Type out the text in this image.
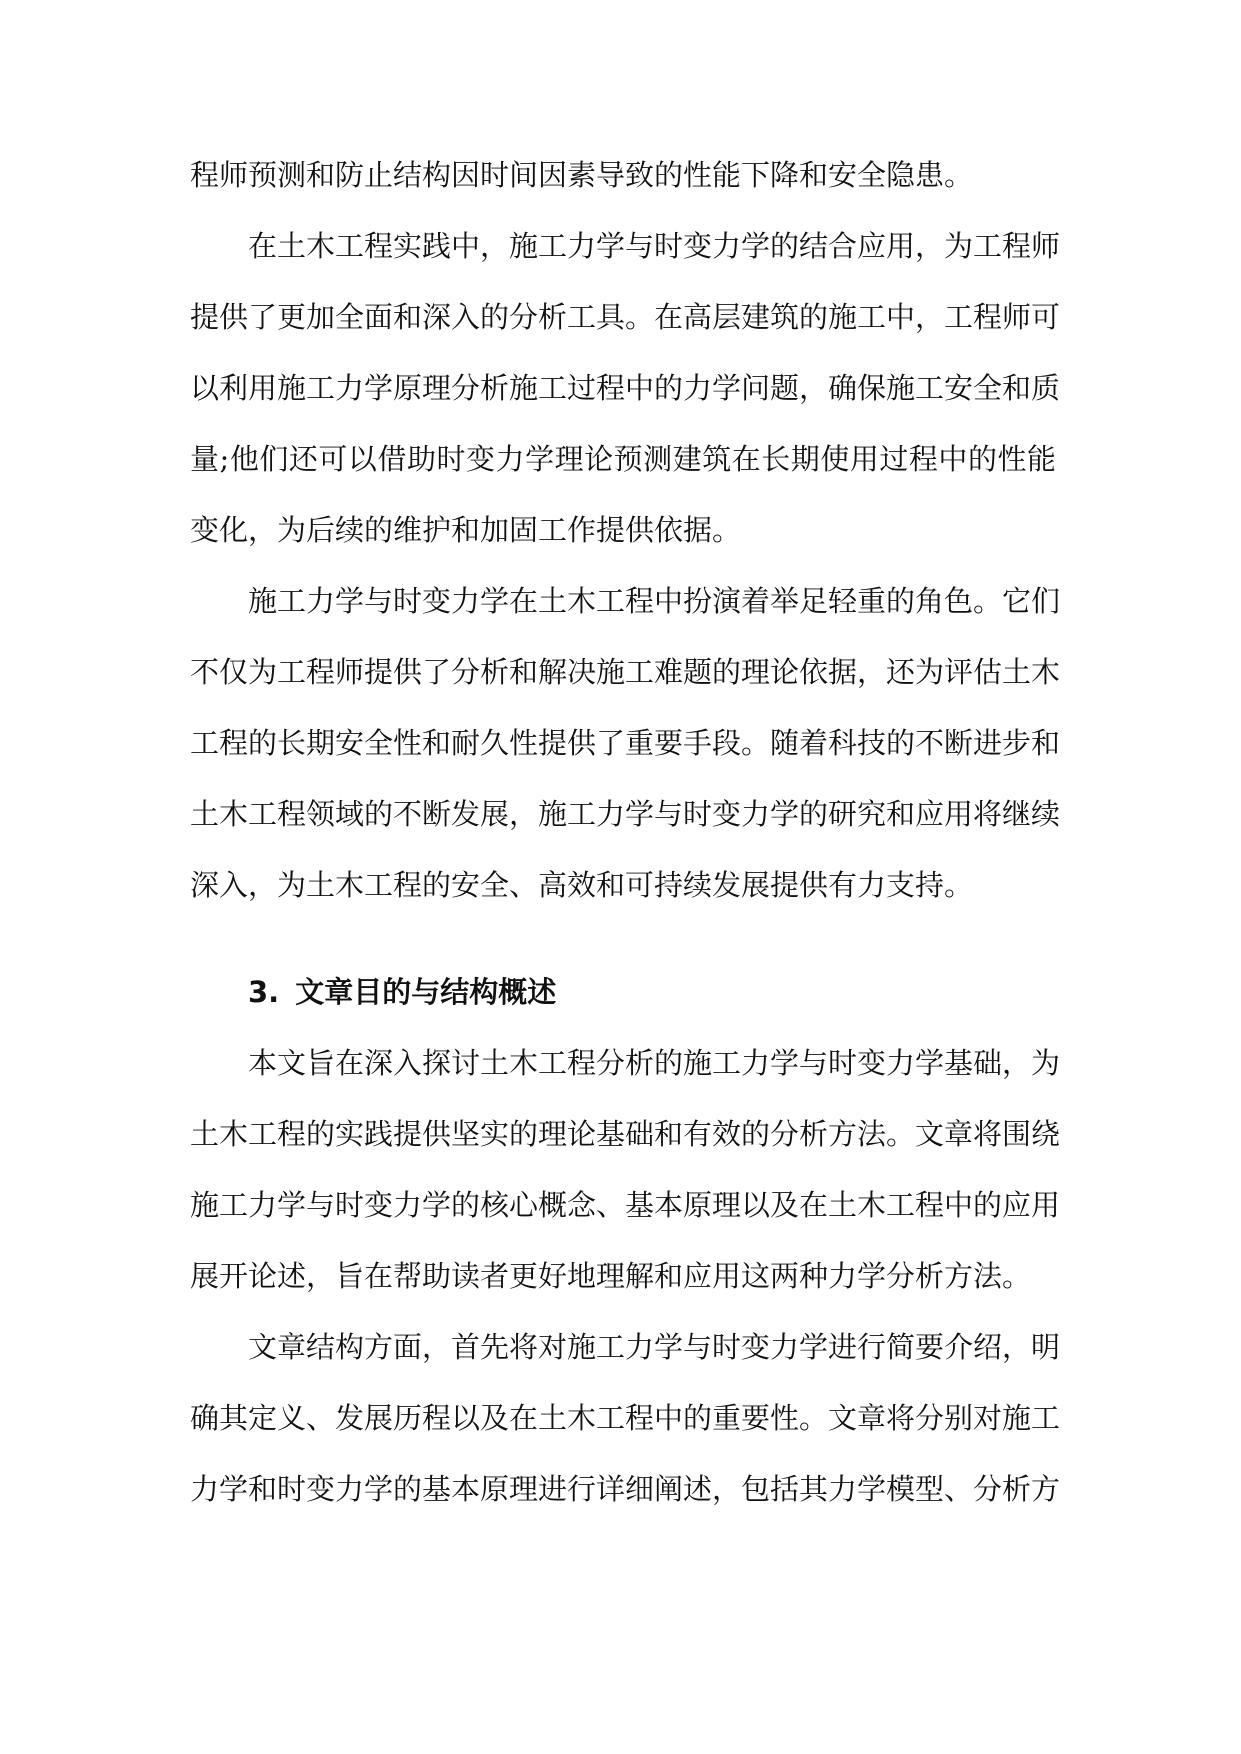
程师预测和防止结构因时间因素导致的性能下降和安全隐患。
在土木工程实践中，施工力学与时变力学的结合应用，为工程师
提供了更加全面和深入的分析工具。在高层建筑的施工中，工程师可
以利用施工力学原理分析施工过程中的力学问题，确保施工安全和质
量;他们还可以借助时变力学理论预测建筑在长期使用过程中的性能
变化，为后续的维护和加固工作提供依据。
施工力学与时变力学在土木工程中扮演着举足轻重的角色。它们
不仅为工程师提供了分析和解决施工难题的理论依据，还为评估土木
工程的长期安全性和耐久性提供了重要手段。随着科技的不断进步和
土木工程领域的不断发展，施工力学与时变力学的研究和应用将继续
深入，为土木工程的安全、高效和可持续发展提供有力支持。
3. 文章目的与结构概述
本文旨在深入探讨土木工程分析的施工力学与时变力学基础，为
土木工程的实践提供坚实的理论基础和有效的分析方法。文章将围绕
施工力学与时变力学的核心概念、基本原理以及在土木工程中的应用
展开论述，旨在帮助读者更好地理解和应用这两种力学分析方法。
文章结构方面，首先将对施工力学与时变力学进行简要介绍，明
确其定义、发展历程以及在土木工程中的重要性。文章将分别对施工
力学和时变力学的基本原理进行详细阐述，包括其力学模型、分析方
